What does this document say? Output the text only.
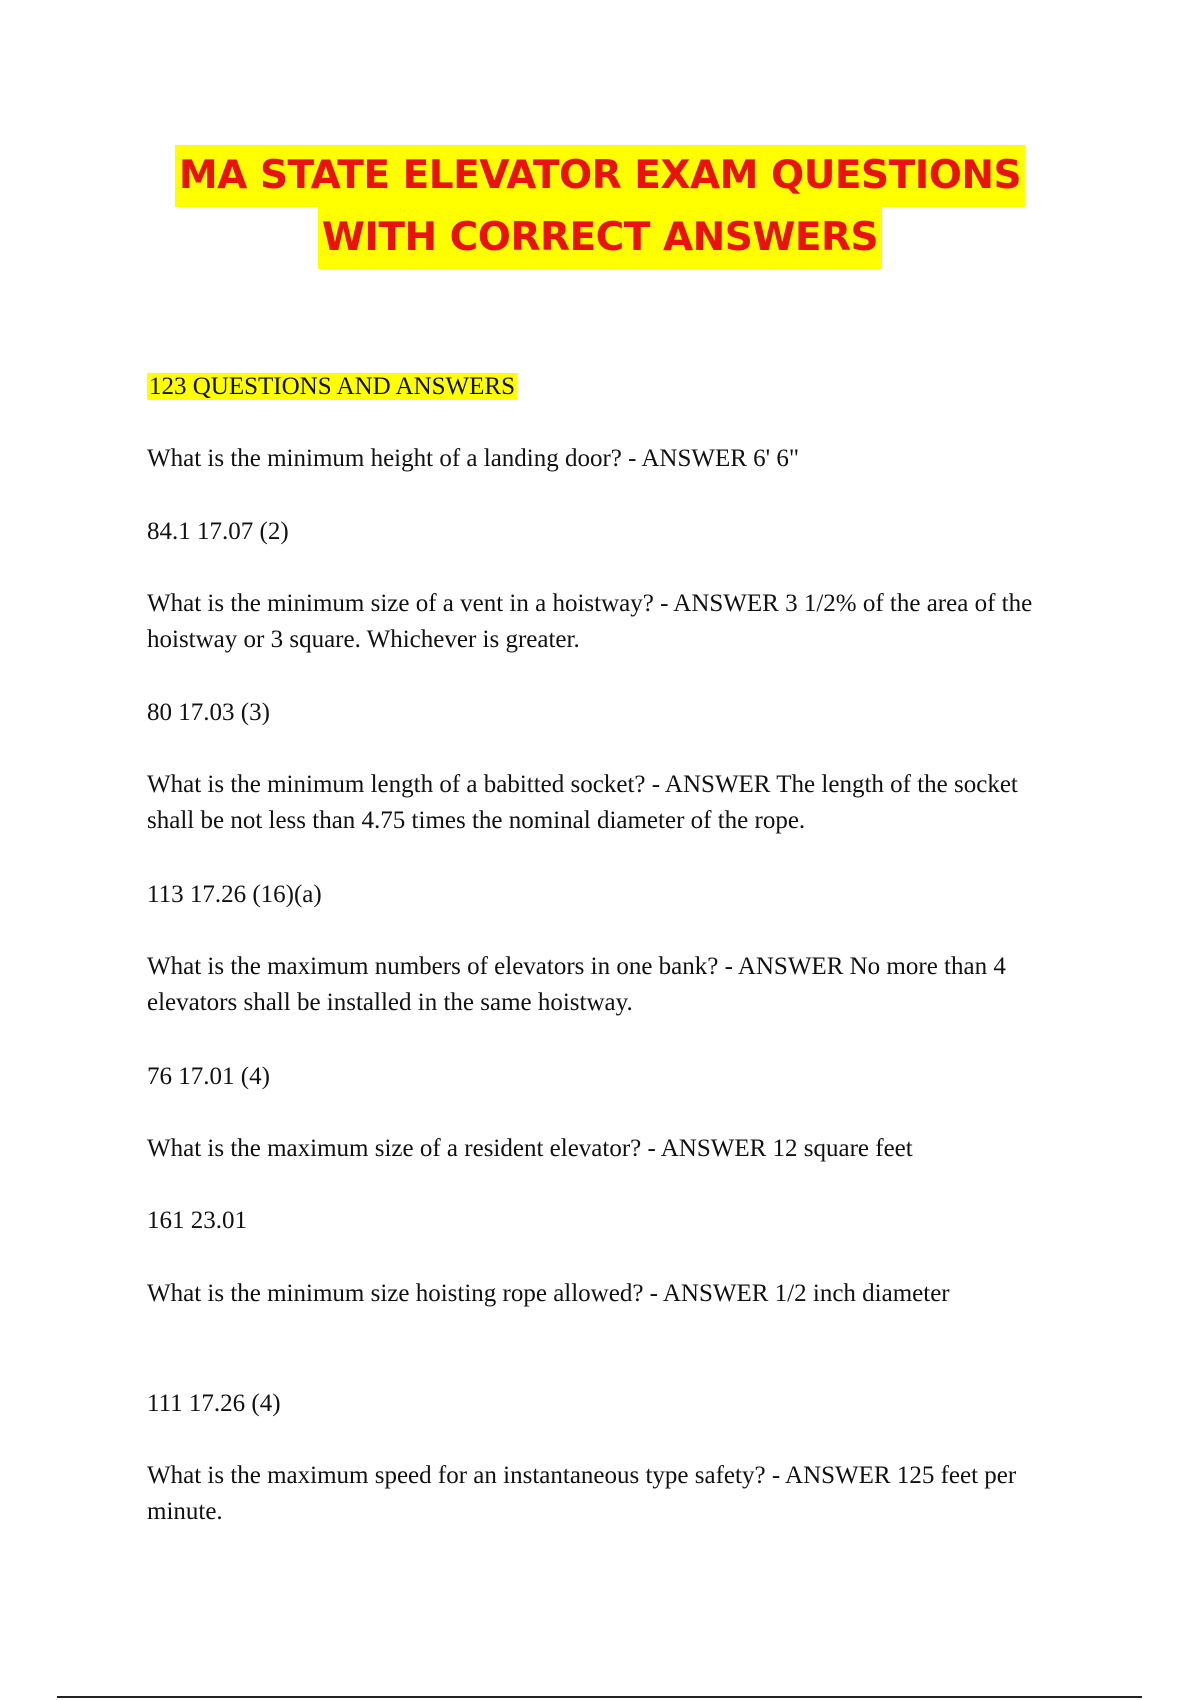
MA STATE ELEVATOR EXAM QUESTIONS
WITH CORRECT ANSWERS
123 QUESTIONS AND ANSWERS
What is the minimum height of a landing door? - ANSWER 6' 6"
84.1 17.07 (2)
What is the minimum size of a vent in a hoistway? - ANSWER 3 1/2% of the area of the hoistway or 3 square. Whichever is greater.
80 17.03 (3)
What is the minimum length of a babitted socket? - ANSWER The length of the socket shall be not less than 4.75 times the nominal diameter of the rope.
113 17.26 (16)(a)
What is the maximum numbers of elevators in one bank? - ANSWER No more than 4 elevators shall be installed in the same hoistway.
76 17.01 (4)
What is the maximum size of a resident elevator? - ANSWER 12 square feet
161 23.01
What is the minimum size hoisting rope allowed? - ANSWER 1/2 inch diameter
111 17.26 (4)
What is the maximum speed for an instantaneous type safety? - ANSWER 125 feet per minute.
